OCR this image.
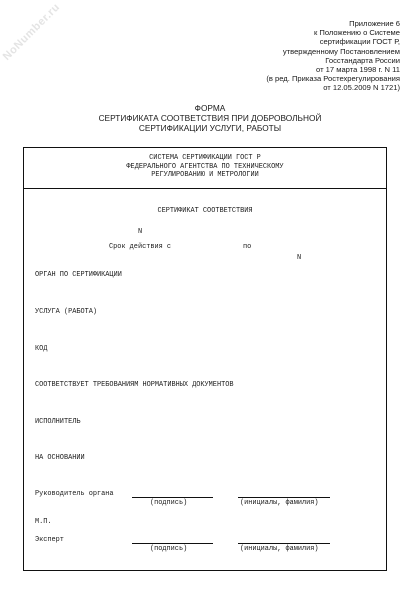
NoNumber.ru	Приложение 6
к Положению о Системе
сертификации ГОСТ Р,
утвержденному Постановлением
Госстандарта России
от 17 марта 1998 г. N 11
(в ред. Приказа Ростехрегулирования
от 12.05.2009 N 1721)
ФОРМА
СЕРТИФИКАТА СООТВЕТСТВИЯ ПРИ ДОБРОВОЛЬНОЙ
СЕРТИФИКАЦИИ УСЛУГИ, РАБОТЫ
СИСТЕМА СЕРТИФИКАЦИИ ГОСТ Р
ФЕДЕРАЛЬНОГО АГЕНТСТВА ПО ТЕХНИЧЕСКОМУ
РЕГУЛИРОВАНИЮ И МЕТРОЛОГИИ
СЕРТИФИКАТ СООТВЕТСТВИЯ
N
Срок действия с	по
N
ОРГАН ПО СЕРТИФИКАЦИИ
УСЛУГА (РАБОТА)
КОД
СООТВЕТСТВУЕТ ТРЕБОВАНИЯМ НОРМАТИВНЫХ ДОКУМЕНТОВ
ИСПОЛНИТЕЛЬ
НА ОСНОВАНИИ
Руководитель органа
(подпись)	(инициалы, фамилия)
М.П.
Эксперт
(подпись)	(инициалы, фамилия)
